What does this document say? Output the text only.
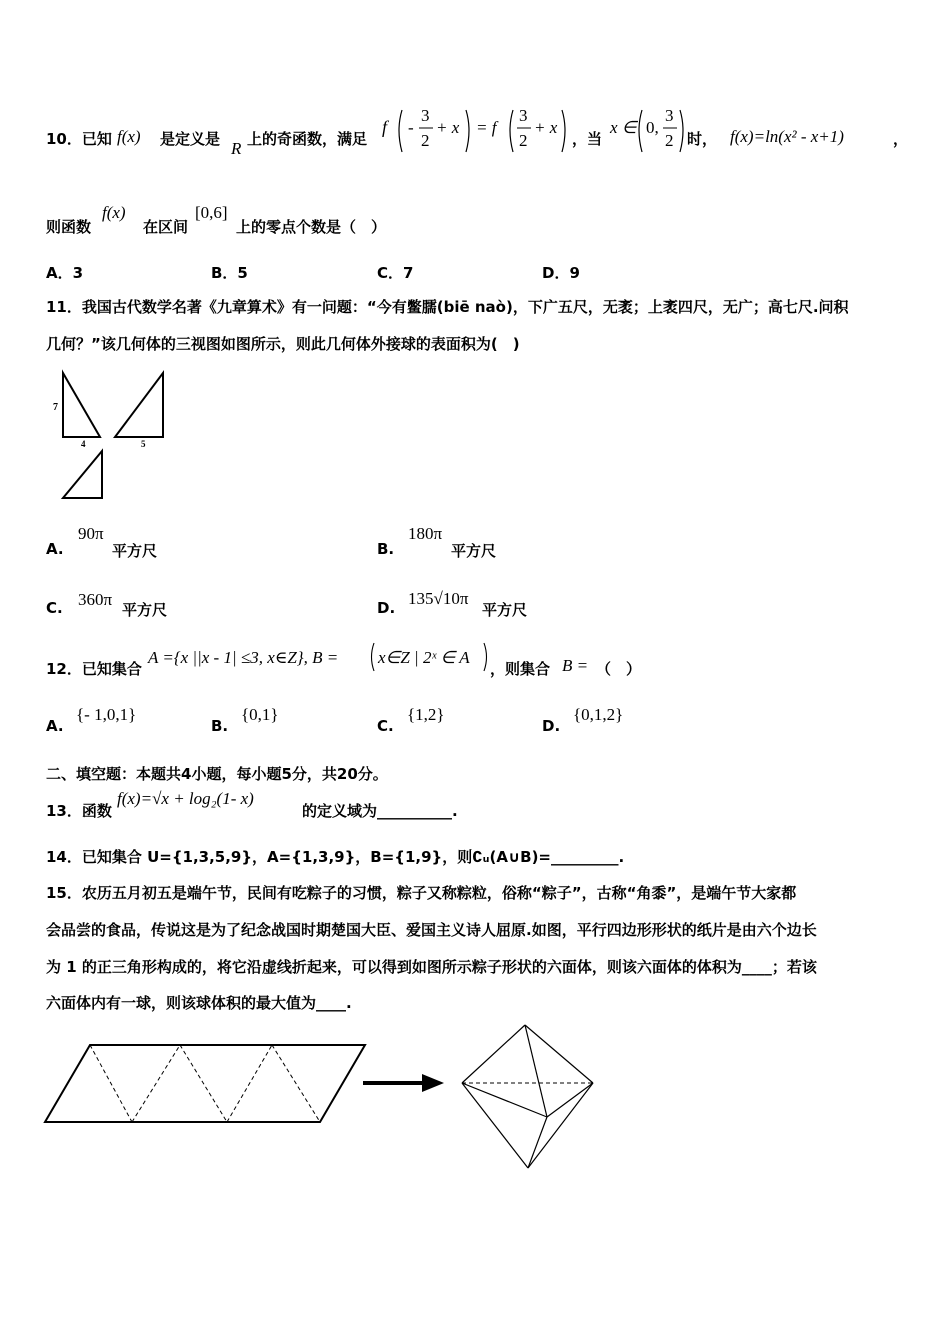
10．已知 f(x) 是定义是 R 上的奇函数，满足
f -
3
2
+ x = f
3
2
+ x
，当
x ∈ 0,
3
2 时， f(x)=ln(x² - x+1)	，
则函数
f(x)
在区间
[0,6]
上的零点个数是（　）
A．3	B．5	C．7	D．9
11．我国古代数学名著《九章算术》有一问题：“今有鳖臑(biē naò)，下广五尺，无袤；上袤四尺，无广；高七尺.问积
几何？”该几何体的三视图如图所示，则此几何体外接球的表面积为(　)
7
4	5
A.
90π
平方尺	B.
180π
平方尺
C. 360π
平方尺	D. 135√10π
平方尺
12．已知集合
A ={x ||x - 1| ≤3, x∈Z}, B = x∈Z | 2ˣ ∈ A
，则集合 B = （　）
A.
{- 1,0,1}
B.
{0,1}
C.
{1,2}
D.
{0,1,2}
二、填空题：本题共4小题，每小题5分，共20分。
13．函数
f(x)=√x + log₂(1- x)
的定义域为__________.
14．已知集合 U={1,3,5,9}，A={1,3,9}，B={1,9}，则∁ᵤ(A∪B)=_________.
15．农历五月初五是端午节，民间有吃粽子的习惯，粽子又称粽粒，俗称“粽子”，古称“角黍”，是端午节大家都
会品尝的食品，传说这是为了纪念战国时期楚国大臣、爱国主义诗人屈原.如图，平行四边形形状的纸片是由六个边长
为 1 的正三角形构成的，将它沿虚线折起来，可以得到如图所示粽子形状的六面体，则该六面体的体积为____；若该
六面体内有一球，则该球体积的最大值为____.
